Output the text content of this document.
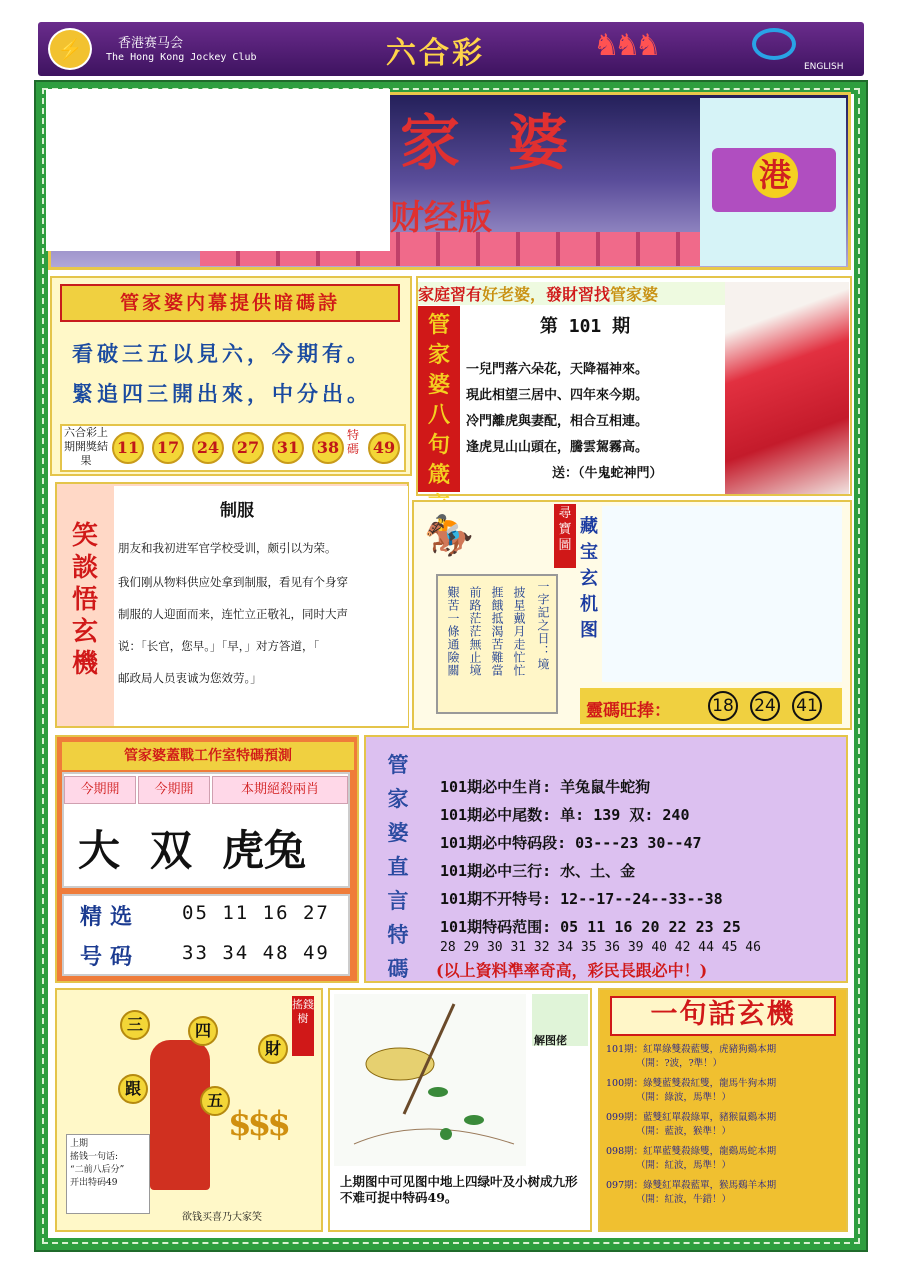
⚡	香港赛马会
The Hong Kong Jockey Club	六合彩	♞♞♞
ENGLISH
家婆
财经版
港
管家婆内幕提供暗碼詩
看破三五以見六，今期有。
緊追四三開出來，中分出。
六合彩上期開獎結果
11	17	24	27	31	38
特碼 49
家庭習有好老婆，發財習找管家婆
管家婆八句箴
第 101 期
一兒門落六朵花，天降福神來。
現此相望三居中、四年來今期。
冷門離虎與妻配，相合互相連。
逢虎見山山頭在，騰雲駕霧高。
送：（牛鬼蛇神門）
笑談悟玄機
制服
朋友和我初进军官学校受训，颇引以为荣。
我们刚从物料供应处拿到制服，看见有个身穿
制服的人迎面而来，连忙立正敬礼，同时大声
说：「长官，您早。」「早，」对方答道，「
邮政局人员衷诚为您效劳。」
🏇	尋寶圖
藏宝玄机图
一字記之日：境
披星戴月走忙忙
捱餓抵渴苦難當
前路茫茫無止境
艱苦一條通險關
靈碼旺捧： 18 24 41
管家婆蓋戰工作室特碼預測
今期開	今期開	本期絕殺兩肖
大 双 虎兔
精选
号码
05 11 16 27
33 34 48 49
管家婆直言特碼
101期必中生肖: 羊兔鼠牛蛇狗
101期必中尾数: 单: 139 双: 240
101期必中特码段: 03---23 30--47
101期必中三行: 水、土、金
101期不开特号: 12--17--24--33--38
101期特码范围: 05 11 16 20 22 23 25
28 29 30 31 32 34 35 36 39 40 42 44 45 46
(以上資料準率奇高，彩民長跟必中！)
搖錢樹
三	四
財
跟
五
$$$
上期
搖钱一句话:
“二前八后分”
开出特码49
欲钱买喜乃大家笑
解图佬
上期图中可见图中地上四绿叶及小树成九形不难可捉中特码49。
一句話玄機
101期：紅單綠雙殺藍雙，虎豬狗鷄本期
（開：?波，?準！）
100期：綠雙藍雙殺紅雙，龍馬牛狗本期
（開：綠波，馬準！）
099期：藍雙紅單殺綠單，豬猴鼠鷄本期
（開：藍波，猴準！）
098期：紅單藍雙殺綠雙，龍鷄馬蛇本期
（開：紅波，馬準！）
097期：綠雙紅單殺藍單，猴馬鷄羊本期
（開：紅波，牛錯！）
